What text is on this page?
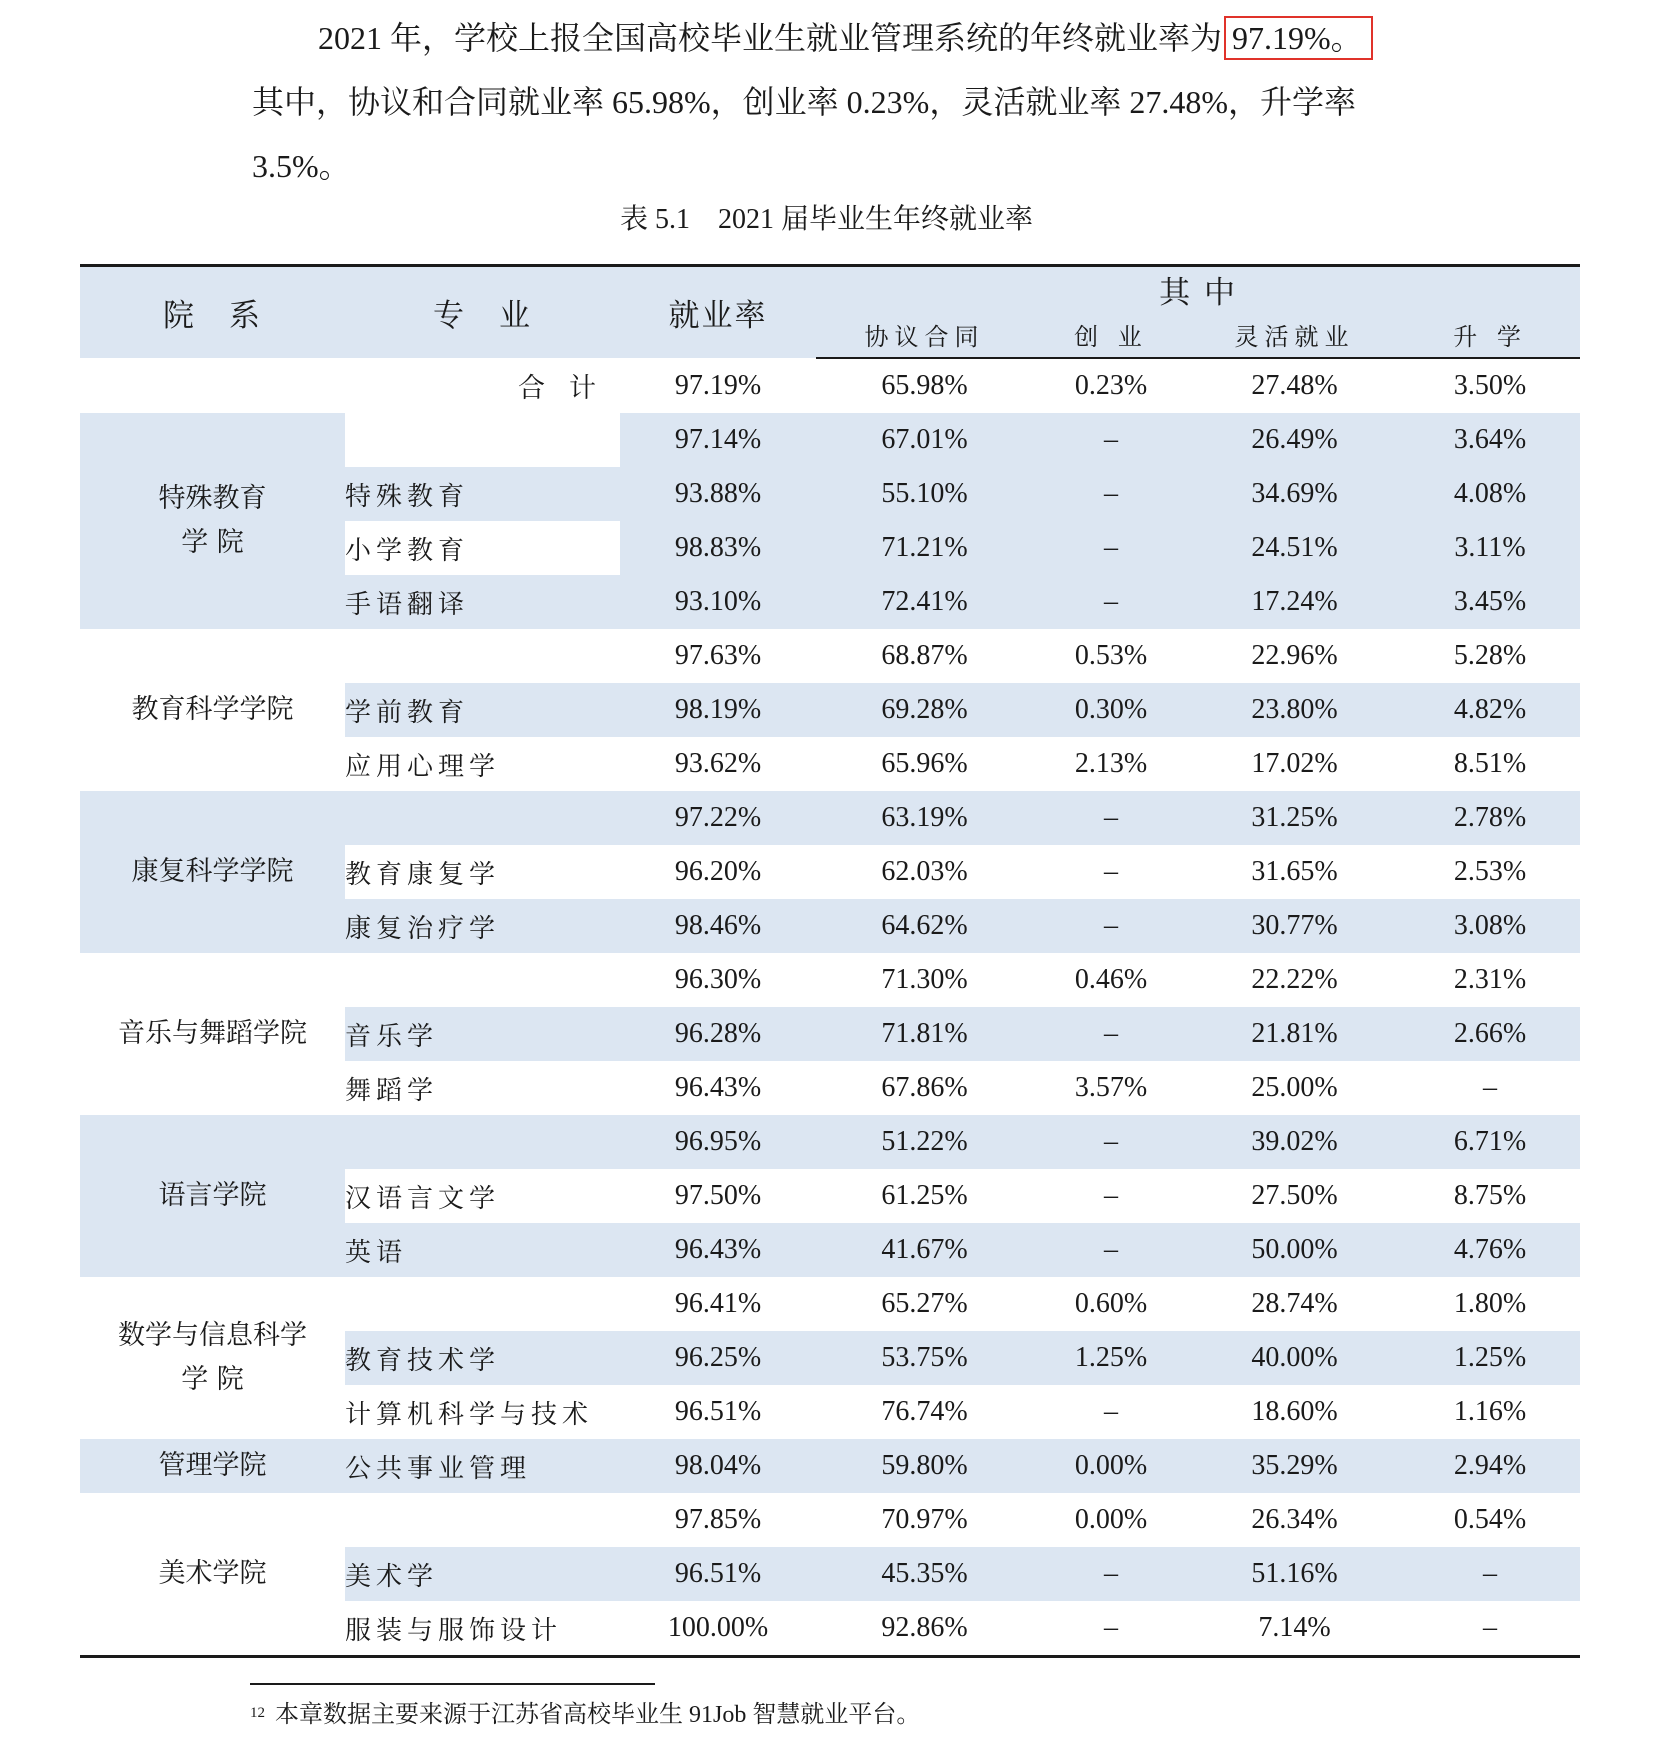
2021 年，学校上报全国高校毕业生就业管理系统的年终就业率为 97.19%。
其中，协议和合同就业率 65.98%，创业率 0.23%，灵活就业率 27.48%，升学率
3.5%。
表 5.1　2021 届毕业生年终就业率
院　系	专　业	就业率	其 中			
			协议合同	创 业	灵活就业	升 学
合计		97.19%	65.98%	0.23%	27.48%	3.50%

特殊教育
学 院		97.14%	67.01%	–	26.49%	3.64%
	特殊教育	93.88%	55.10%	–	34.69%	4.08%
	小学教育	98.83%	71.21%	–	24.51%	3.11%
	手语翻译	93.10%	72.41%	–	17.24%	3.45%

教育科学学院		97.63%	68.87%	0.53%	22.96%	5.28%
	学前教育	98.19%	69.28%	0.30%	23.80%	4.82%
	应用心理学	93.62%	65.96%	2.13%	17.02%	8.51%

康复科学学院		97.22%	63.19%	–	31.25%	2.78%
	教育康复学	96.20%	62.03%	–	31.65%	2.53%
	康复治疗学	98.46%	64.62%	–	30.77%	3.08%

音乐与舞蹈学院		96.30%	71.30%	0.46%	22.22%	2.31%
	音乐学	96.28%	71.81%	–	21.81%	2.66%
	舞蹈学	96.43%	67.86%	3.57%	25.00%	–

语言学院		96.95%	51.22%	–	39.02%	6.71%
	汉语言文学	97.50%	61.25%	–	27.50%	8.75%
	英语	96.43%	41.67%	–	50.00%	4.76%

数学与信息科学
学 院		96.41%	65.27%	0.60%	28.74%	1.80%
	教育技术学	96.25%	53.75%	1.25%	40.00%	1.25%
	计算机科学与技术	96.51%	76.74%	–	18.60%	1.16%

管理学院	公共事业管理	98.04%	59.80%	0.00%	35.29%	2.94%

美术学院		97.85%	70.97%	0.00%	26.34%	0.54%
	美术学	96.51%	45.35%	–	51.16%	–
	服装与服饰设计	100.00%	92.86%	–	7.14%	–
$^{12}$ 本章数据主要来源于江苏省高校毕业生 91Job 智慧就业平台。
